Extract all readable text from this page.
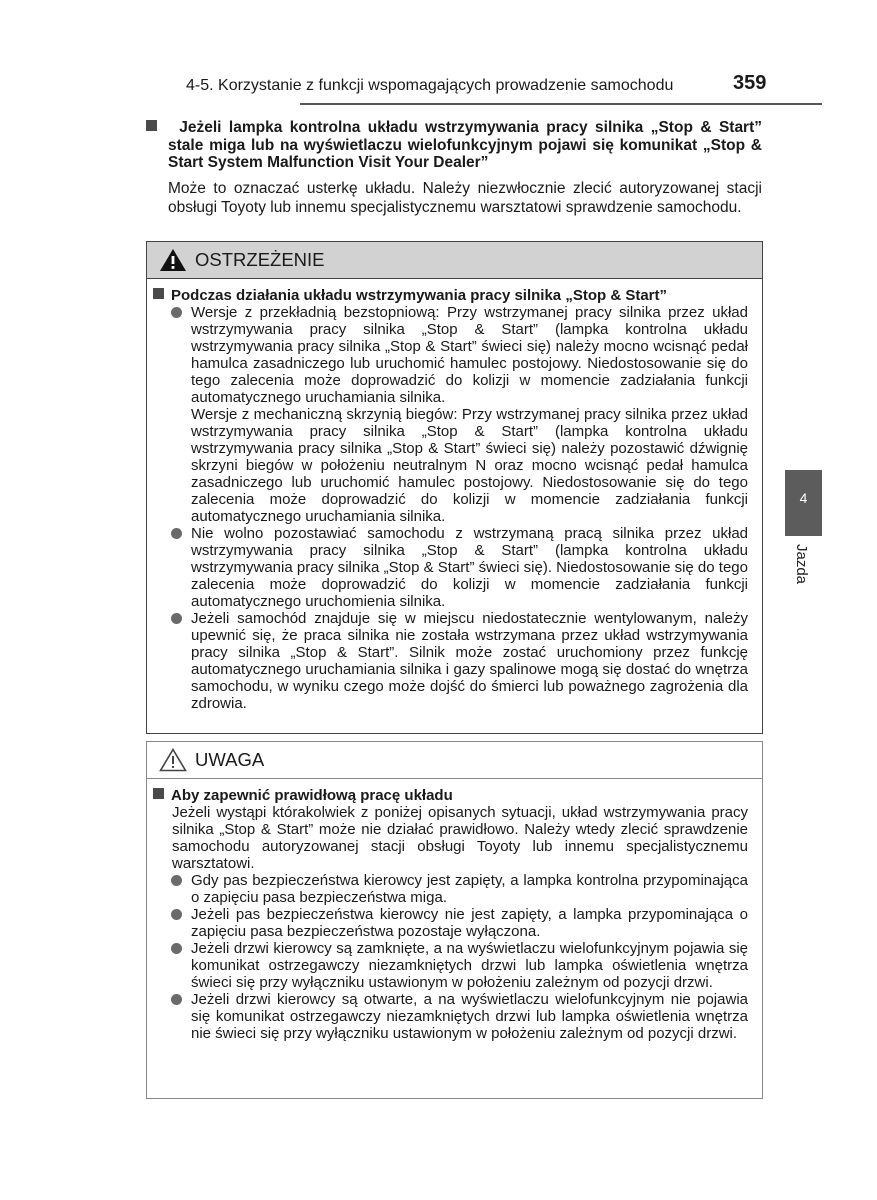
4-5. Korzystanie z funkcji wspomagających prowadzenie samochodu	359
Jeżeli lampka kontrolna układu wstrzymywania pracy silnika „Stop & Start” stale miga lub na wyświetlaczu wielofunkcyjnym pojawi się komunikat „Stop & Start System Malfunction Visit Your Dealer”
Może to oznaczać usterkę układu. Należy niezwłocznie zlecić autoryzowanej stacji obsługi Toyoty lub innemu specjalistycznemu warsztatowi sprawdzenie samochodu.
OSTRZEŻENIE
Podczas działania układu wstrzymywania pracy silnika „Stop & Start”

Wersje z przekładnią bezstopniową: Przy wstrzymanej pracy silnika przez układ wstrzymywania pracy silnika „Stop & Start” (lampka kontrolna układu wstrzymywania pracy silnika „Stop & Start” świeci się) należy mocno wcisnąć pedał hamulca zasadniczego lub uruchomić hamulec postojowy. Niedostosowanie się do tego zalecenia może doprowadzić do kolizji w momencie zadziałania funkcji automatycznego uruchamiania silnika.

Wersje z mechaniczną skrzynią biegów: Przy wstrzymanej pracy silnika przez układ wstrzymywania pracy silnika „Stop & Start” (lampka kontrolna układu wstrzymywania pracy silnika „Stop & Start” świeci się) należy pozostawić dźwignię skrzyni biegów w położeniu neutralnym N oraz mocno wcisnąć pedał hamulca zasadniczego lub uruchomić hamulec postojowy. Niedostosowanie się do tego zalecenia może doprowadzić do kolizji w momencie zadziałania funkcji automatycznego uruchamiania silnika.

Nie wolno pozostawiać samochodu z wstrzymaną pracą silnika przez układ wstrzymywania pracy silnika „Stop & Start” (lampka kontrolna układu wstrzymywania pracy silnika „Stop & Start” świeci się). Niedostosowanie się do tego zalecenia może doprowadzić do kolizji w momencie zadziałania funkcji automatycznego uruchomienia silnika.

Jeżeli samochód znajduje się w miejscu niedostatecznie wentylowanym, należy upewnić się, że praca silnika nie została wstrzymana przez układ wstrzymywania pracy silnika „Stop & Start”. Silnik może zostać uruchomiony przez funkcję automatycznego uruchamiania silnika i gazy spalinowe mogą się dostać do wnętrza samochodu, w wyniku czego może dojść do śmierci lub poważnego zagrożenia dla zdrowia.

UWAGA
Aby zapewnić prawidłową pracę układu
Jeżeli wystąpi którakolwiek z poniżej opisanych sytuacji, układ wstrzymywania pracy silnika „Stop & Start” może nie działać prawidłowo. Należy wtedy zlecić sprawdzenie samochodu autoryzowanej stacji obsługi Toyoty lub innemu specjalistycznemu warsztatowi.

Gdy pas bezpieczeństwa kierowcy jest zapięty, a lampka kontrolna przypominająca o zapięciu pasa bezpieczeństwa miga.

Jeżeli pas bezpieczeństwa kierowcy nie jest zapięty, a lampka przypominająca o zapięciu pasa bezpieczeństwa pozostaje wyłączona.

Jeżeli drzwi kierowcy są zamknięte, a na wyświetlaczu wielofunkcyjnym pojawia się komunikat ostrzegawczy niezamkniętych drzwi lub lampka oświetlenia wnętrza świeci się przy wyłączniku ustawionym w położeniu zależnym od pozycji drzwi.

Jeżeli drzwi kierowcy są otwarte, a na wyświetlaczu wielofunkcyjnym nie pojawia się komunikat ostrzegawczy niezamkniętych drzwi lub lampka oświetlenia wnętrza nie świeci się przy wyłączniku ustawionym w położeniu zależnym od pozycji drzwi.

4
Jazda
